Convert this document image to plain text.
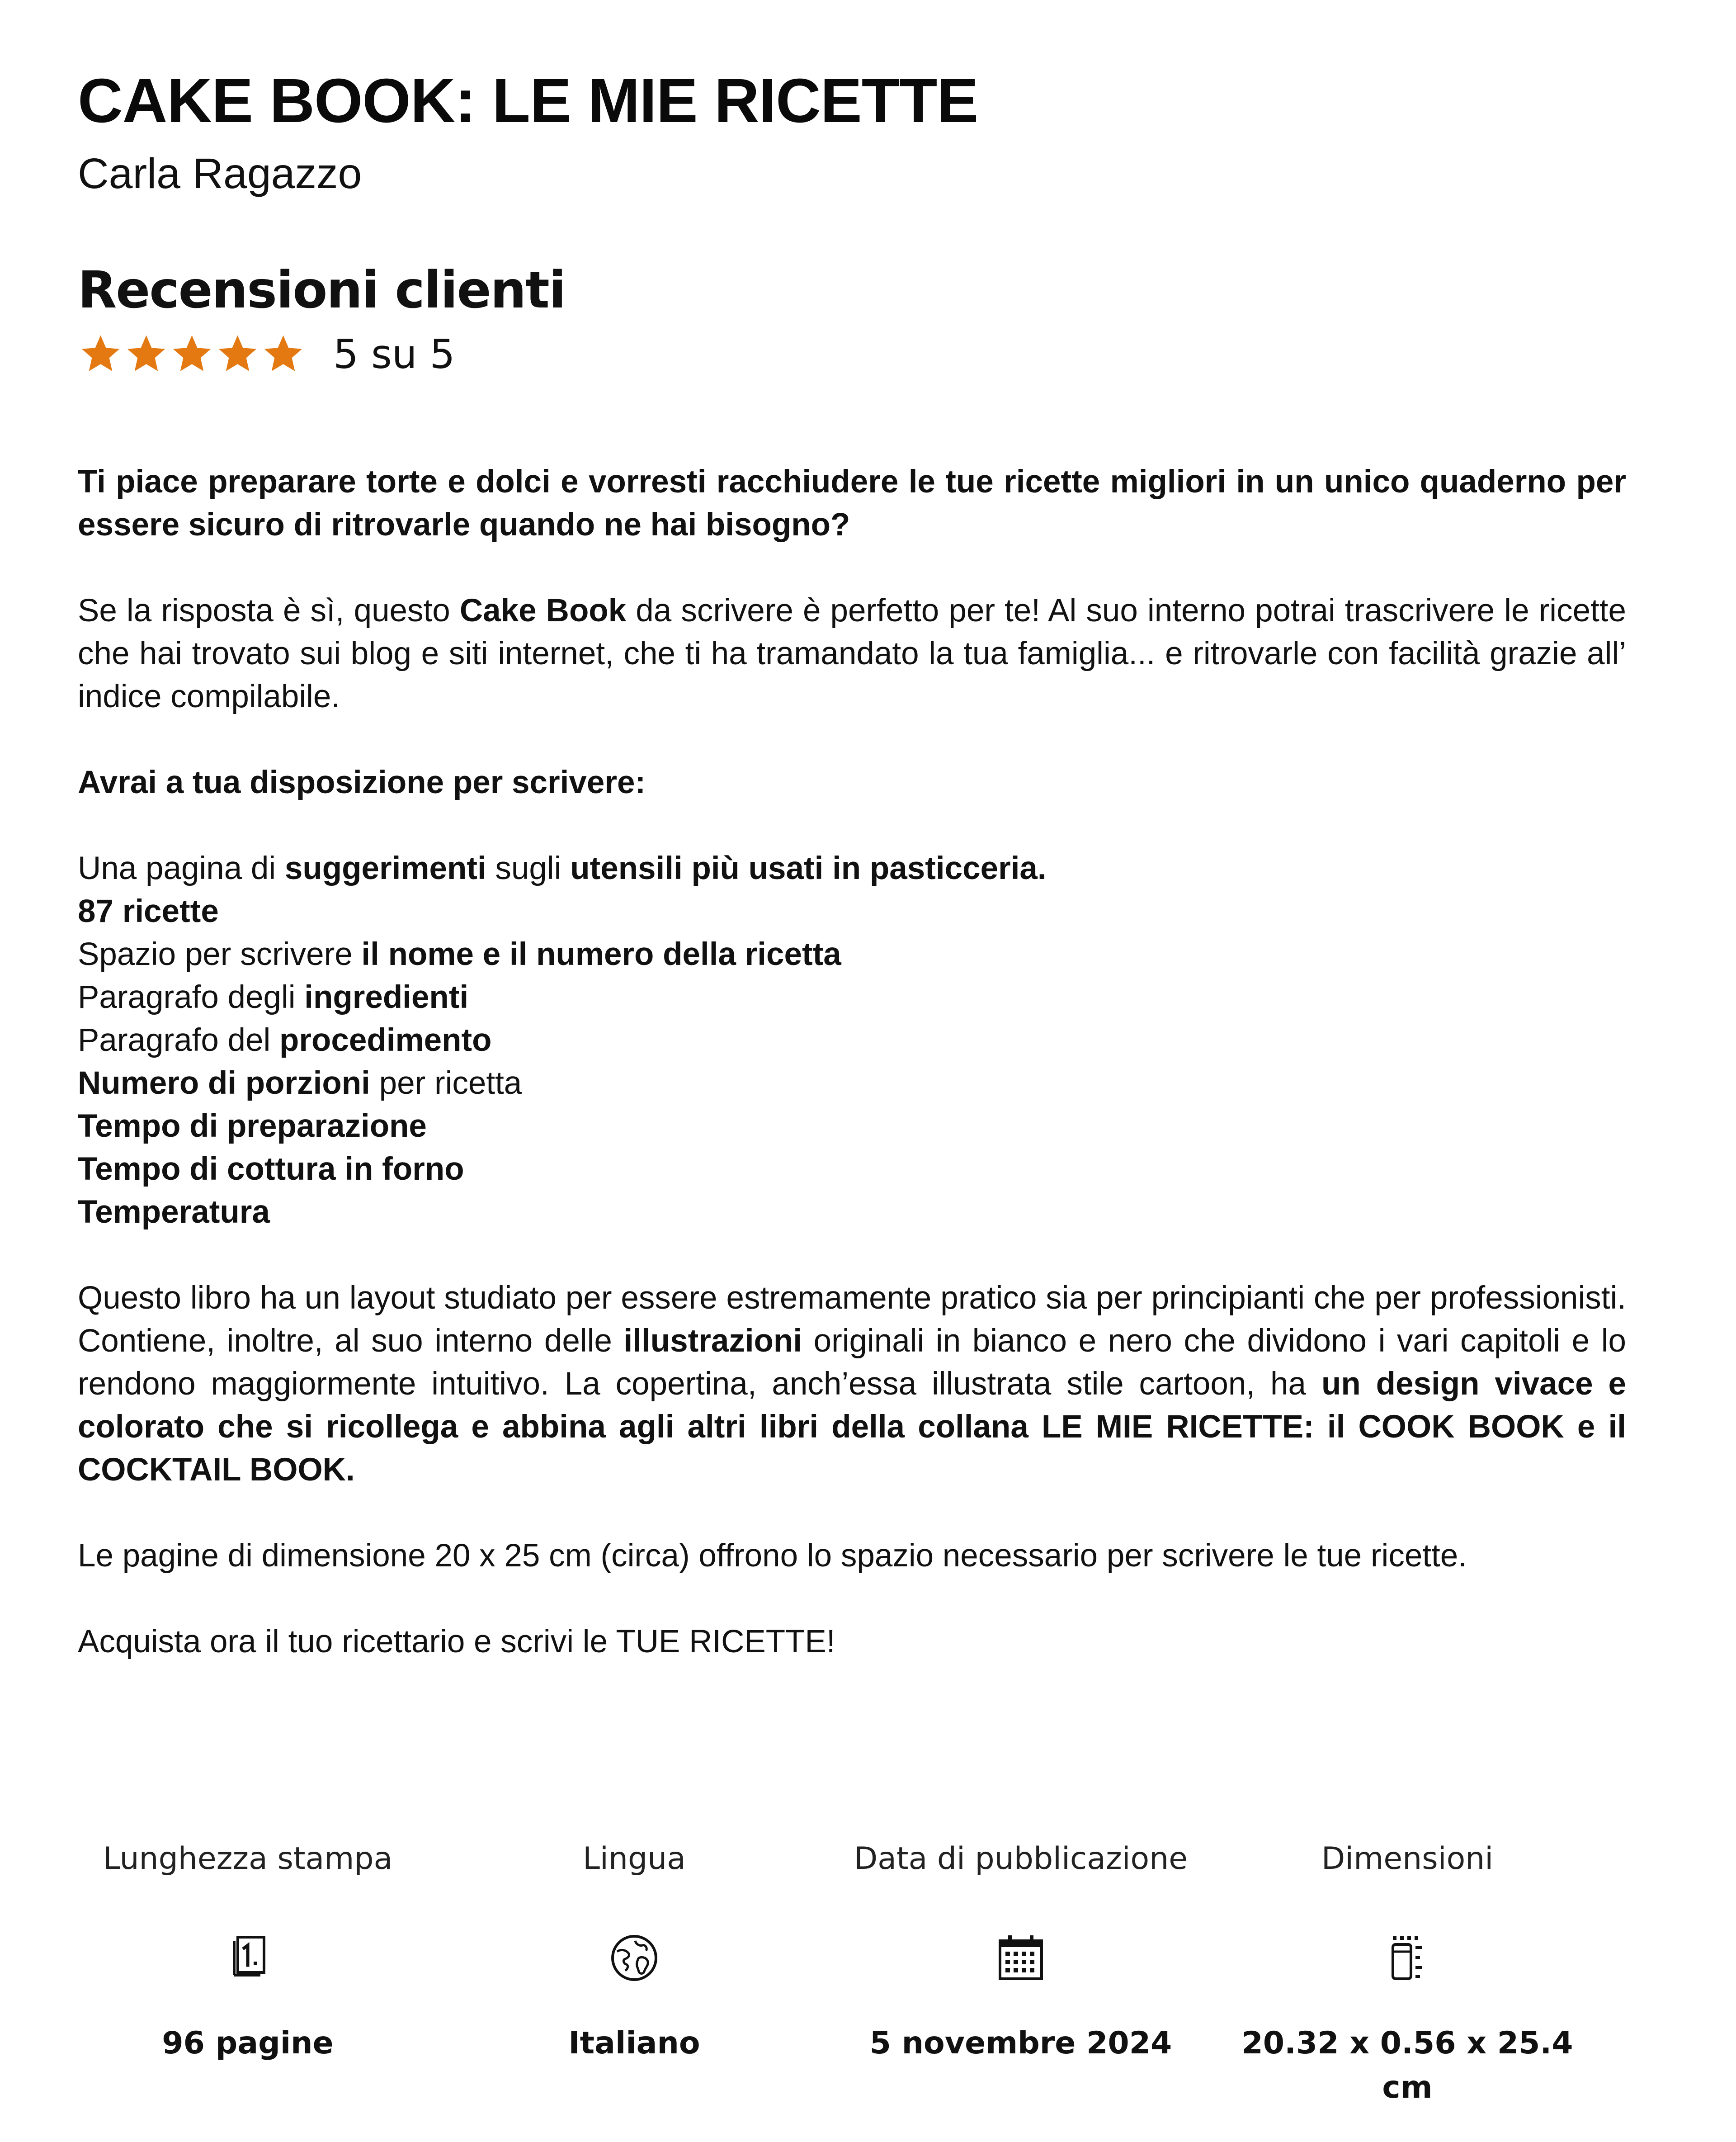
CAKE BOOK: LE MIE RICETTE
Carla Ragazzo
Recensioni clienti
5 su 5

Ti piace preparare torte e dolci e vorresti racchiudere le tue ricette migliori in un unico quaderno per essere sicuro di ritrovarle quando ne hai bisogno?

Se la risposta è sì, questo Cake Book da scrivere è perfetto per te! Al suo interno potrai trascrivere le ricette che hai trovato sui blog e siti internet, che ti ha tramandato la tua famiglia... e ritrovarle con facilità grazie all’ indice compilabile.

Avrai a tua disposizione per scrivere:

Una pagina di suggerimenti sugli utensili più usati in pasticceria.
87 ricette
Spazio per scrivere il nome e il numero della ricetta
Paragrafo degli ingredienti
Paragrafo del procedimento
Numero di porzioni per ricetta
Tempo di preparazione
Tempo di cottura in forno
Temperatura

Questo libro ha un layout studiato per essere estremamente pratico sia per principianti che per professionisti. Contiene, inoltre, al suo interno delle illustrazioni originali in bianco e nero che dividono i vari capitoli e lo rendono maggiormente intuitivo. La copertina, anch’essa illustrata stile cartoon, ha un design vivace e colorato che si ricollega e abbina agli altri libri della collana LE MIE RICETTE: il COOK BOOK e il COCKTAIL BOOK.

Le pagine di dimensione 20 x 25 cm (circa) offrono lo spazio necessario per scrivere le tue ricette.

Acquista ora il tuo ricettario e scrivi le TUE RICETTE!

Lunghezza stampa
96 pagine
Lingua
Italiano
Data di pubblicazione
5 novembre 2024
Dimensioni
20.32 x 0.56 x 25.4 cm
